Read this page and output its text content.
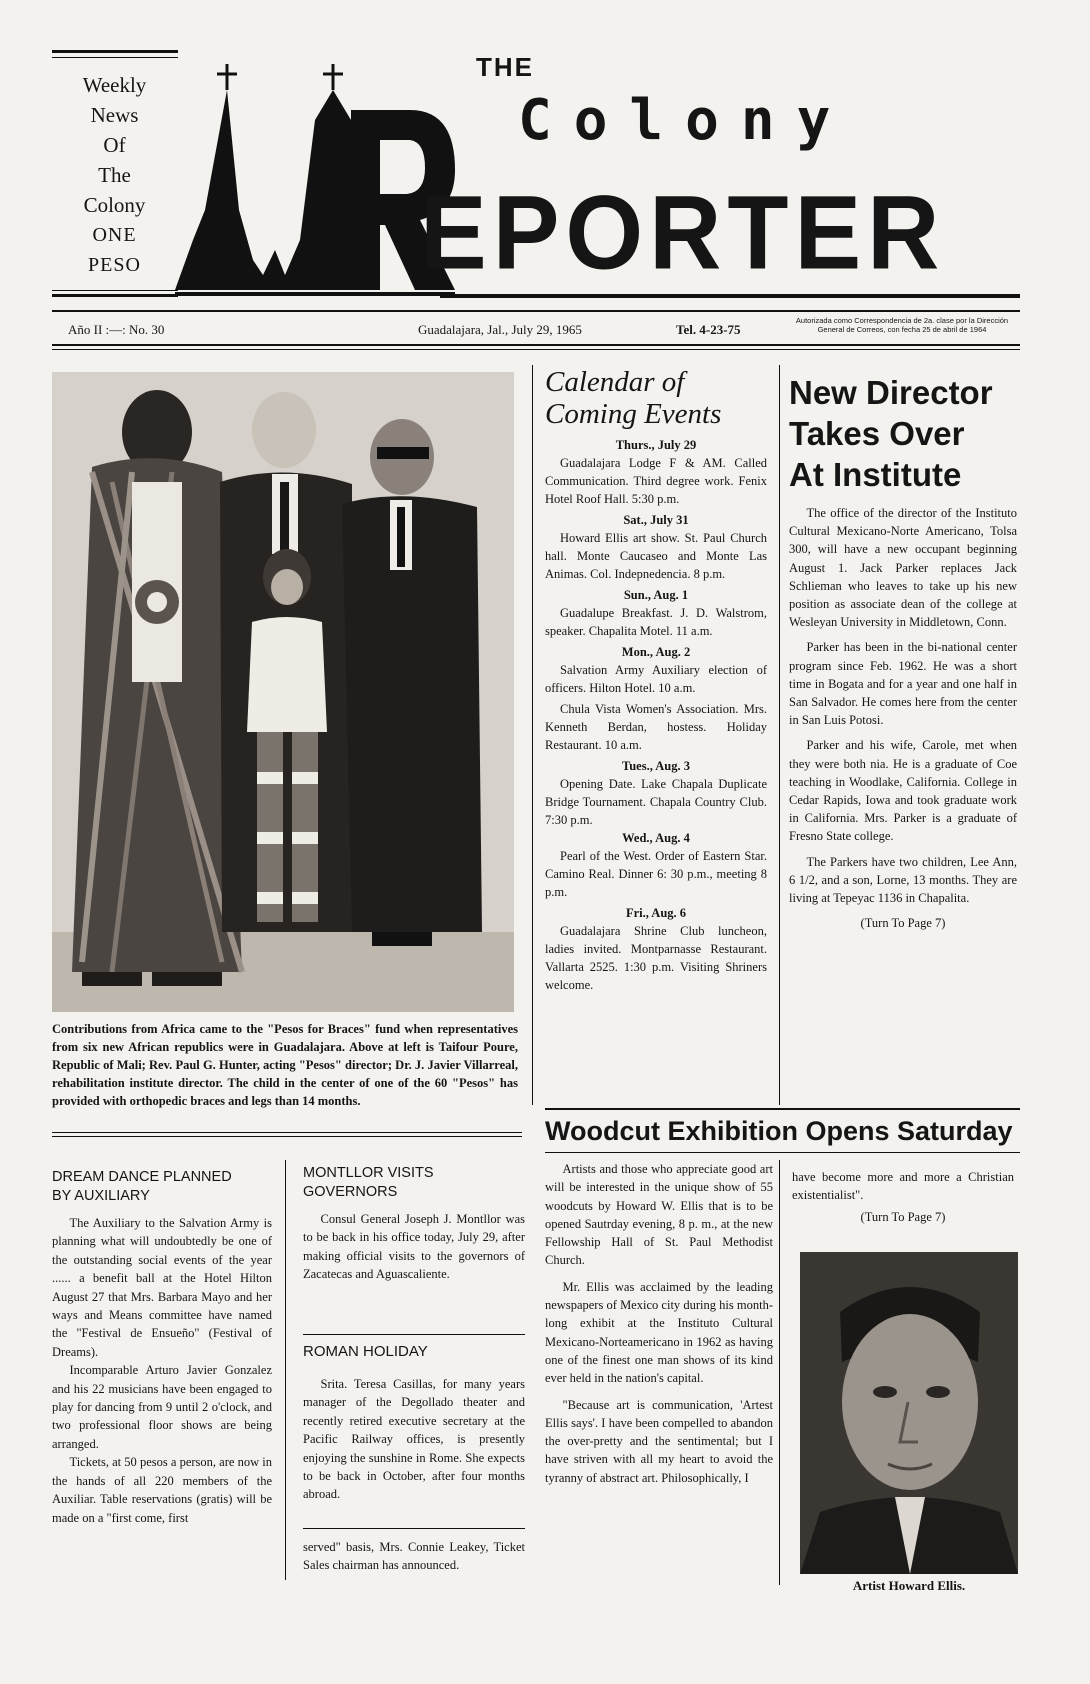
Weekly
News
Of
The
Colony
ONE
PESO
THE
Colony
EPORTER
Año II :—: No. 30	Guadalajara, Jal., July 29, 1965	Tel. 4-23-75
Autorizada como Correspondencia de 2a. clase por la Dirección General de Correos, con fecha 25 de abril de 1964
Contributions from Africa came to the "Pesos for Braces" fund when representatives from six new African republics were in Guadalajara. Above at left is Taifour Poure, Republic of Mali; Rev. Paul G. Hunter, acting "Pesos" director; Dr. J. Javier Villarreal, rehabilitation institute director. The child in the center of one of the 60 "Pesos" has provided with orthopedic braces and legs than 14 months.
Calendar of
Coming Events
Thurs., July 29
Guadalajara Lodge F & AM. Called Communication. Third degree work. Fenix Hotel Roof Hall. 5:30 p.m.
Sat., July 31
Howard Ellis art show. St. Paul Church hall. Monte Caucaseo and Monte Las Animas. Col. Indepnedencia. 8 p.m.
Sun., Aug. 1
Guadalupe Breakfast. J. D. Walstrom, speaker. Chapalita Motel. 11 a.m.
Mon., Aug. 2
Salvation Army Auxiliary election of officers. Hilton Hotel. 10 a.m.
Chula Vista Women's Association. Mrs. Kenneth Berdan, hostess. Holiday Restaurant. 10 a.m.
Tues., Aug. 3
Opening Date. Lake Chapala Duplicate Bridge Tournament. Chapala Country Club. 7:30 p.m.
Wed., Aug. 4
Pearl of the West. Order of Eastern Star. Camino Real. Dinner 6: 30 p.m., meeting 8 p.m.
Fri., Aug. 6
Guadalajara Shrine Club luncheon, ladies invited. Montparnasse Restaurant. Vallarta 2525. 1:30 p.m. Visiting Shriners welcome.
New Director
Takes Over
At Institute

The office of the director of the Instituto Cultural Mexicano-Norte Americano, Tolsa 300, will have a new occupant beginning August 1. Jack Parker replaces Jack Schlieman who leaves to take up his new position as associate dean of the college at Wesleyan University in Middletown, Conn.

Parker has been in the bi-national center program since Feb. 1962. He was a short time in Bogata and for a year and one half in San Salvador. He comes here from the center in San Luis Potosi.

Parker and his wife, Carole, met when they were both nia. He is a graduate of Coe teaching in Woodlake, California. College in Cedar Rapids, Iowa and took graduate work in California. Mrs. Parker is a graduate of Fresno State college.

The Parkers have two children, Lee Ann, 6 1/2, and a son, Lorne, 13 months. They are living at Tepeyac 1136 in Chapalita.

(Turn To Page 7)
Woodcut Exhibition Opens Saturday

Artists and those who appreciate good art will be interested in the unique show of 55 woodcuts by Howard W. Ellis that is to be opened Sautrday evening, 8 p. m., at the new Fellowship Hall of St. Paul Methodist Church.

Mr. Ellis was acclaimed by the leading newspapers of Mexico city during his month-long exhibit at the Instituto Cultural Mexicano-Norteamericano in 1962 as having one of the finest one man shows of its kind ever held in the nation's capital.

"Because art is communication, 'Artest Ellis says'. I have been compelled to abandon the over-pretty and the sentimental; but I have striven with all my heart to avoid the tyranny of abstract art. Philosophically, I

have become more and more a Christian existentialist".
(Turn To Page 7)
Artist Howard Ellis.
DREAM DANCE PLANNED
BY AUXILIARY

The Auxiliary to the Salvation Army is planning what will undoubtedly be one of the outstanding social events of the year ...... a benefit ball at the Hotel Hilton August 27 that Mrs. Barbara Mayo and her ways and Means committee have named the "Festival de Ensueño" (Festival of Dreams).

Incomparable Arturo Javier Gonzalez and his 22 musicians have been engaged to play for dancing from 9 until 2 o'clock, and two professional floor shows are being arranged.

Tickets, at 50 pesos a person, are now in the hands of all 220 members of the Auxiliar. Table reservations (gratis) will be made on a "first come, first

MONTLLOR VISITS
GOVERNORS

Consul General Joseph J. Montllor was to be back in his office today, July 29, after making official visits to the governors of Zacatecas and Aguascaliente.

ROMAN HOLIDAY

Srita. Teresa Casillas, for many years manager of the Degollado theater and recently retired executive secretary at the Pacific Railway offices, is presently enjoying the sunshine in Rome. She expects to be back in October, after four months abroad.

served" basis, Mrs. Connie Leakey, Ticket Sales chairman has announced.
